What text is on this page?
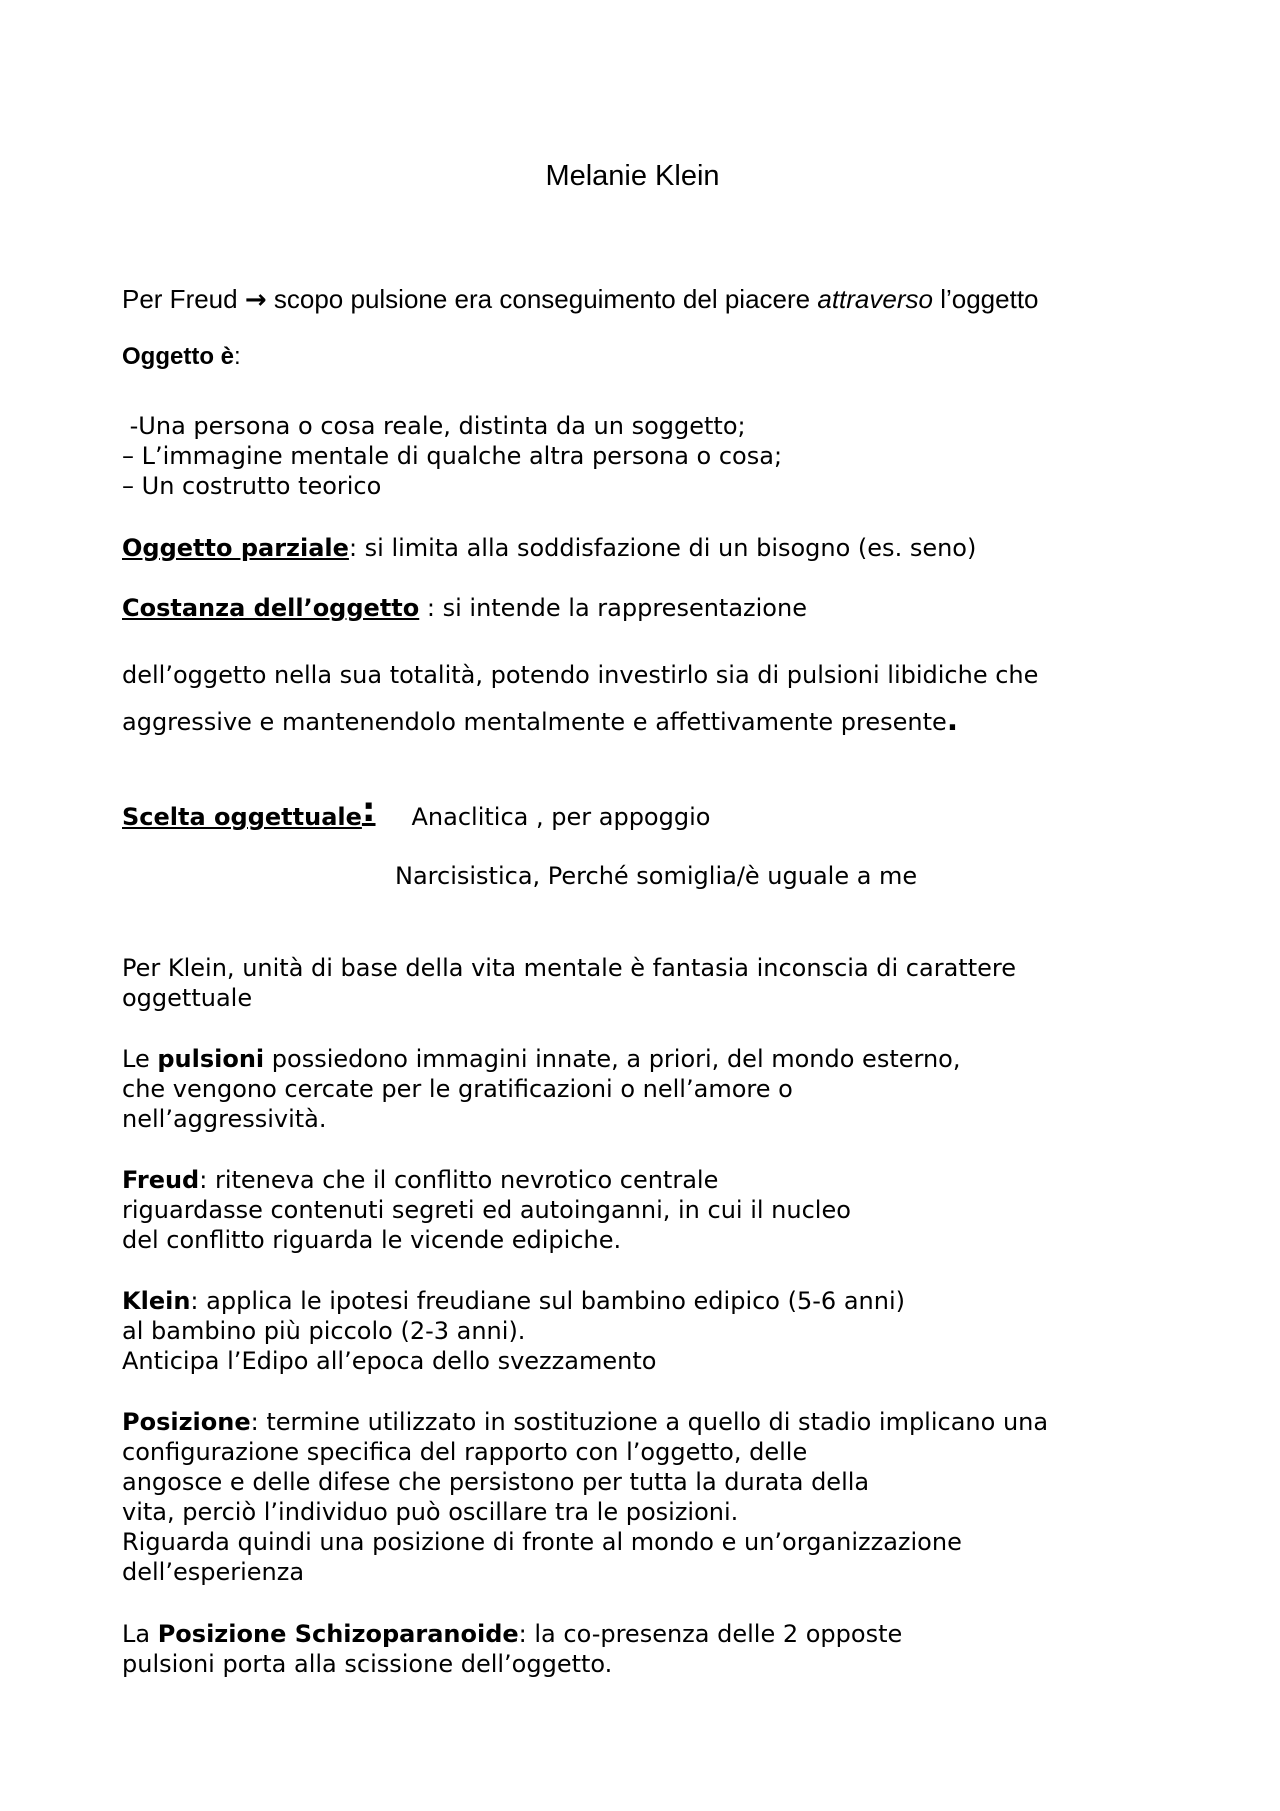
Melanie Klein

Per Freud → scopo pulsione era conseguimento del piacere attraverso l’oggetto

Oggetto è:

-Una persona o cosa reale, distinta da un soggetto;
– L’immagine mentale di qualche altra persona o cosa;
– Un costrutto teorico

Oggetto parziale: si limita alla soddisfazione di un bisogno (es. seno)

Costanza dell’oggetto : si intende la rappresentazione

dell’oggetto nella sua totalità, potendo investirlo sia di pulsioni libidiche che
aggressive e mantenendolo mentalmente e affettivamente presente.

Scelta oggettuale: Anaclitica , per appoggio

Narcisistica, Perché somiglia/è uguale a me

Per Klein, unità di base della vita mentale è fantasia inconscia di carattere
oggettuale

Le pulsioni possiedono immagini innate, a priori, del mondo esterno,
che vengono cercate per le gratificazioni o nell’amore o
nell’aggressività.

Freud: riteneva che il conflitto nevrotico centrale
riguardasse contenuti segreti ed autoinganni, in cui il nucleo
del conflitto riguarda le vicende edipiche.

Klein: applica le ipotesi freudiane sul bambino edipico (5-6 anni)
al bambino più piccolo (2-3 anni).
Anticipa l’Edipo all’epoca dello svezzamento

Posizione: termine utilizzato in sostituzione a quello di stadio implicano una
configurazione specifica del rapporto con l’oggetto, delle
angosce e delle difese che persistono per tutta la durata della
vita, perciò l’individuo può oscillare tra le posizioni.
Riguarda quindi una posizione di fronte al mondo e un’organizzazione
dell’esperienza

La Posizione Schizoparanoide: la co-presenza delle 2 opposte
pulsioni porta alla scissione dell’oggetto.
